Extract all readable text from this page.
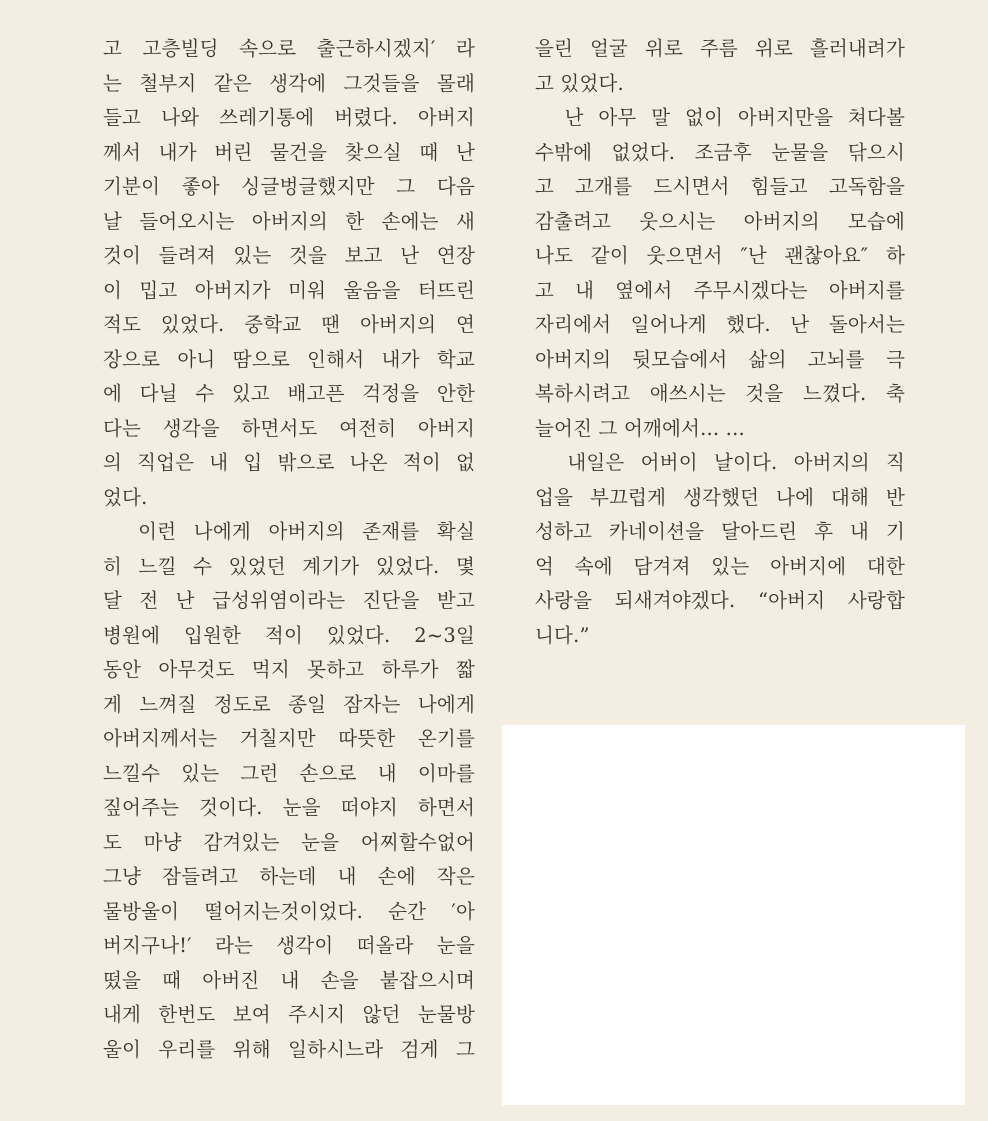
고 고층빌딩 속으로 출근하시겠지′ 라
는 철부지 같은 생각에 그것들을 몰래
들고 나와 쓰레기통에 버렸다. 아버지
께서 내가 버린 물건을 찾으실 때 난
기분이 좋아 싱글벙글했지만 그 다음
날 들어오시는 아버지의 한 손에는 새
것이 들려져 있는 것을 보고 난 연장
이 밉고 아버지가 미워 울음을 터뜨린
적도 있었다. 중학교 땐 아버지의 연
장으로 아니 땀으로 인해서 내가 학교
에 다닐 수 있고 배고픈 걱정을 안한
다는 생각을 하면서도 여전히 아버지
의 직업은 내 입 밖으로 나온 적이 없
었다.
이런 나에게 아버지의 존재를 확실
히 느낄 수 있었던 계기가 있었다. 몇
달 전 난 급성위염이라는 진단을 받고
병원에 입원한 적이 있었다. 2~3일
동안 아무것도 먹지 못하고 하루가 짧
게 느껴질 정도로 종일 잠자는 나에게
아버지께서는 거칠지만 따뜻한 온기를
느낄수 있는 그런 손으로 내 이마를
짚어주는 것이다. 눈을 떠야지 하면서
도 마냥 감겨있는 눈을 어찌할수없어
그냥 잠들려고 하는데 내 손에 작은
물방울이 떨어지는것이었다. 순간 ′아
버지구나!′ 라는 생각이 떠올라 눈을
떴을 때 아버진 내 손을 붙잡으시며
내게 한번도 보여 주시지 않던 눈물방
울이 우리를 위해 일하시느라 검게 그
을린 얼굴 위로 주름 위로 흘러내려가
고 있었다.
난 아무 말 없이 아버지만을 쳐다볼
수밖에 없었다. 조금후 눈물을 닦으시
고 고개를 드시면서 힘들고 고독함을
감출려고 웃으시는 아버지의 모습에
나도 같이 웃으면서 ″난 괜찮아요″ 하
고 내 옆에서 주무시겠다는 아버지를
자리에서 일어나게 했다. 난 돌아서는
아버지의 뒷모습에서 삶의 고뇌를 극
복하시려고 애쓰시는 것을 느꼈다. 축
늘어진 그 어깨에서... ...
내일은 어버이 날이다. 아버지의 직
업을 부끄럽게 생각했던 나에 대해 반
성하고 카네이션을 달아드린 후 내 기
억 속에 담겨져 있는 아버지에 대한
사랑을 되새겨야겠다. “아버지 사랑합
니다.”
